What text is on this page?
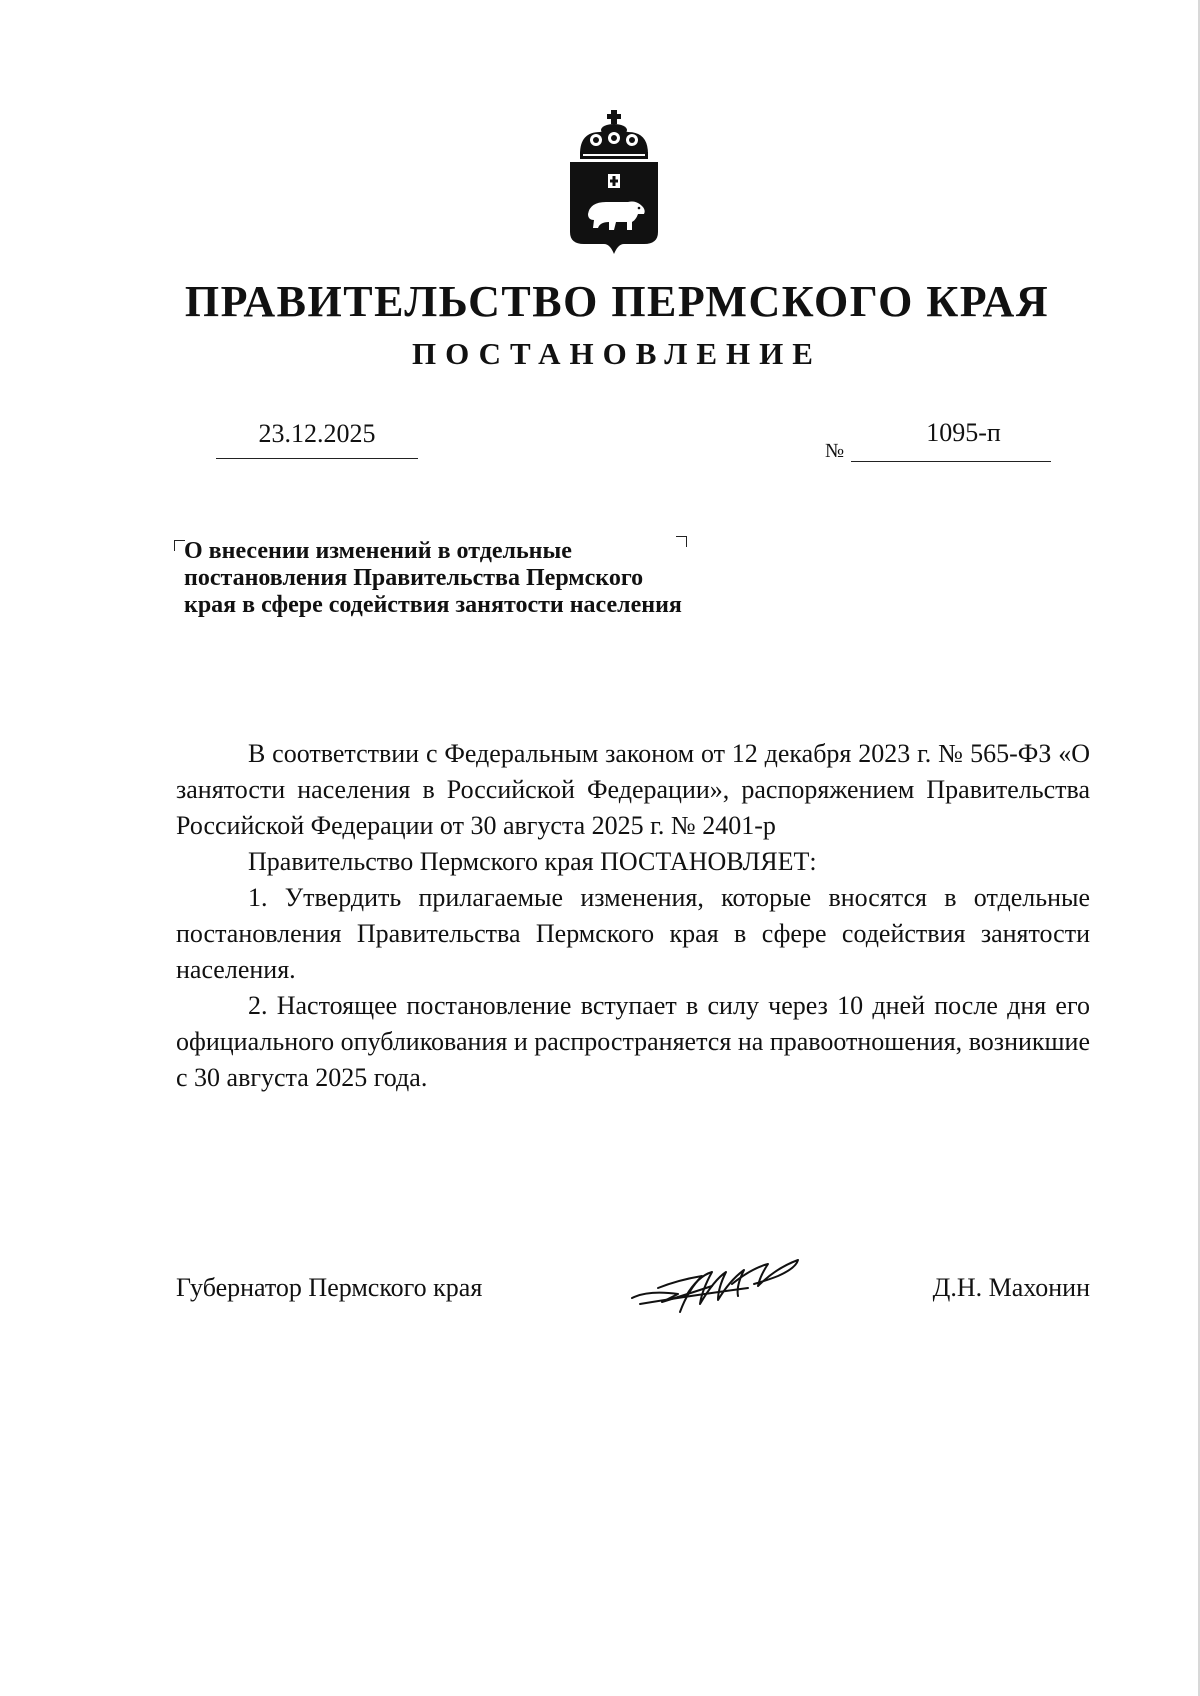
ПРАВИТЕЛЬСТВО ПЕРМСКОГО КРАЯ
ПОСТАНОВЛЕНИЕ
23.12.2025
№
1095-п
О внесении изменений в отдельные
постановления Правительства Пермского
края в сфере содействия занятости населения

В соответствии с Федеральным законом от 12 декабря 2023 г. № 565-ФЗ «О занятости населения в Российской Федерации», распоряжением Правительства Российской Федерации от 30 августа 2025 г. № 2401-р

Правительство Пермского края ПОСТАНОВЛЯЕТ:

1. Утвердить прилагаемые изменения, которые вносятся в отдельные постановления Правительства Пермского края в сфере содействия занятости населения.

2. Настоящее постановление вступает в силу через 10 дней после дня его официального опубликования и распространяется на правоотношения, возникшие с 30 августа 2025 года.

Губернатор Пермского края	Д.Н. Махонин
